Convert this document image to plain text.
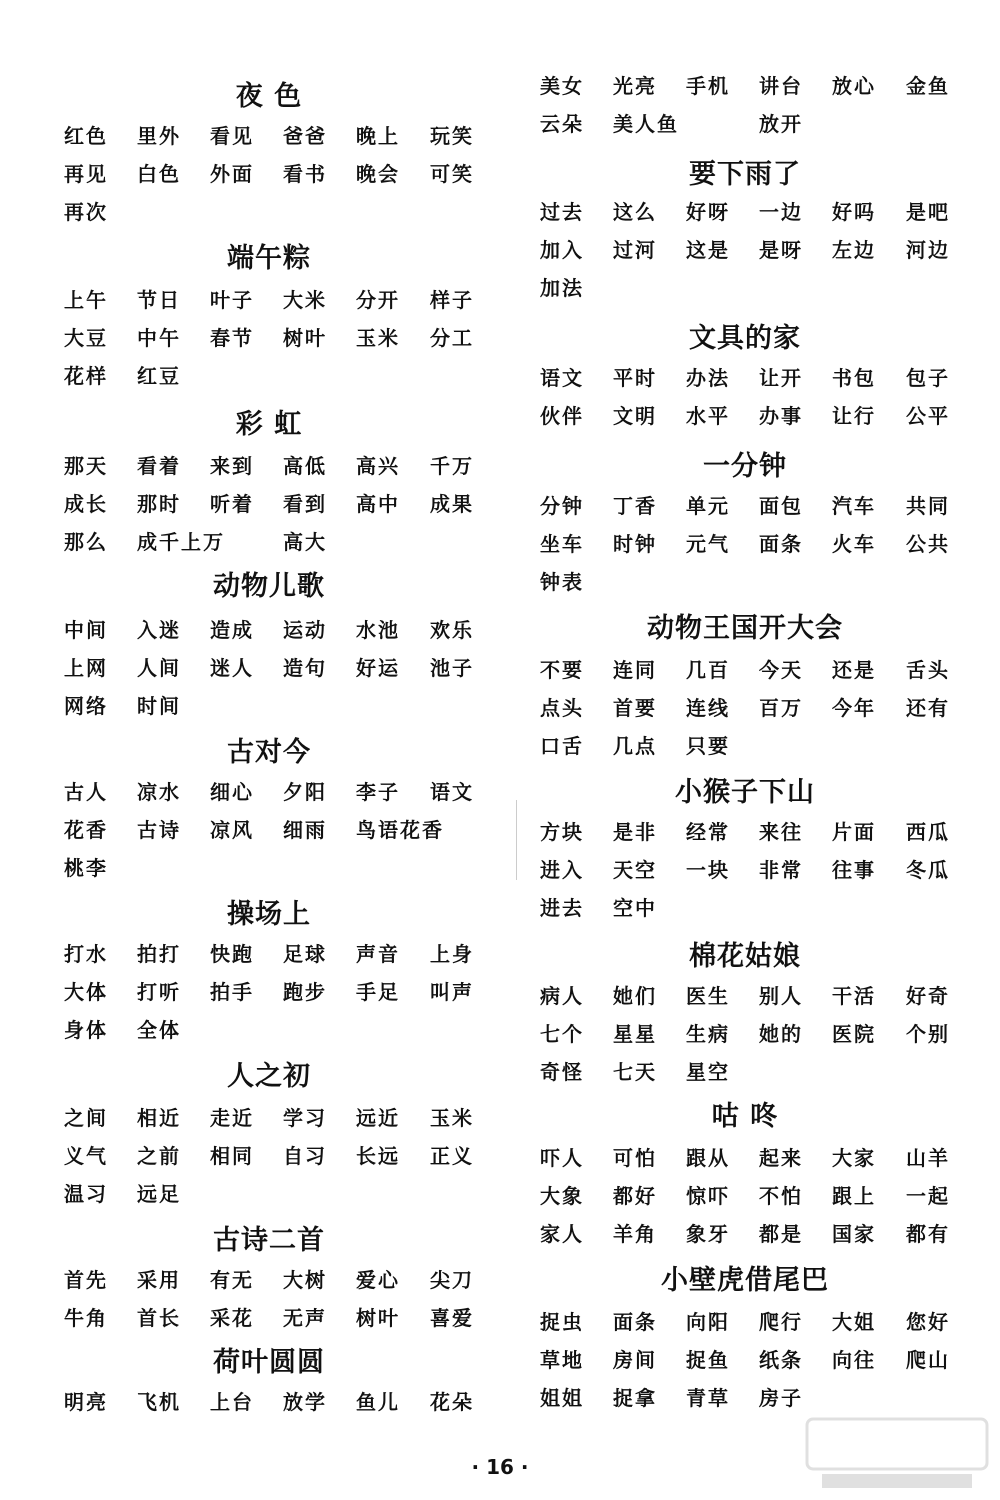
夜 色
红色 里外 看见 爸爸 晚上 玩笑
再见 白色 外面 看书 晚会 可笑
再次
端午粽
上午 节日 叶子 大米 分开 样子
大豆 中午 春节 树叶 玉米 分工
花样 红豆
彩 虹
那天 看着 来到 高低 高兴 千万
成长 那时 听着 看到 高中 成果
那么 成千上万	高大
动物儿歌
中间 入迷 造成 运动 水池 欢乐
上网 人间 迷人 造句 好运 池子
网络 时间
古对今
古人 凉水 细心 夕阳 李子 语文
花香 古诗 凉风 细雨 鸟语花香
桃李
操场上
打水 拍打 快跑 足球 声音 上身
大体 打听 拍手 跑步 手足 叫声
身体 全体
人之初
之间 相近 走近 学习 远近 玉米
义气 之前 相同 自习 长远 正义
温习 远足
古诗二首
首先 采用 有无 大树 爱心 尖刀
牛角 首长 采花 无声 树叶 喜爱
荷叶圆圆
明亮 飞机 上台 放学 鱼儿 花朵
美女 光亮 手机 讲台 放心 金鱼
云朵 美人鱼	放开
要下雨了
过去 这么 好呀 一边 好吗 是吧
加入 过河 这是 是呀 左边 河边
加法
文具的家
语文 平时 办法 让开 书包 包子
伙伴 文明 水平 办事 让行 公平
一分钟
分钟 丁香 单元 面包 汽车 共同
坐车 时钟 元气 面条 火车 公共
钟表
动物王国开大会
不要 连同 几百 今天 还是 舌头
点头 首要 连线 百万 今年 还有
口舌 几点 只要
小猴子下山
方块 是非 经常 来往 片面 西瓜
进入 天空 一块 非常 往事 冬瓜
进去 空中
棉花姑娘
病人 她们 医生 别人 干活 好奇
七个 星星 生病 她的 医院 个别
奇怪 七天 星空
咕 咚
吓人 可怕 跟从 起来 大家 山羊
大象 都好 惊吓 不怕 跟上 一起
家人 羊角 象牙 都是 国家 都有
小壁虎借尾巴
捉虫 面条 向阳 爬行 大姐 您好
草地 房间 捉鱼 纸条 向往 爬山
姐姐 捉拿 青草 房子
· 16 ·
